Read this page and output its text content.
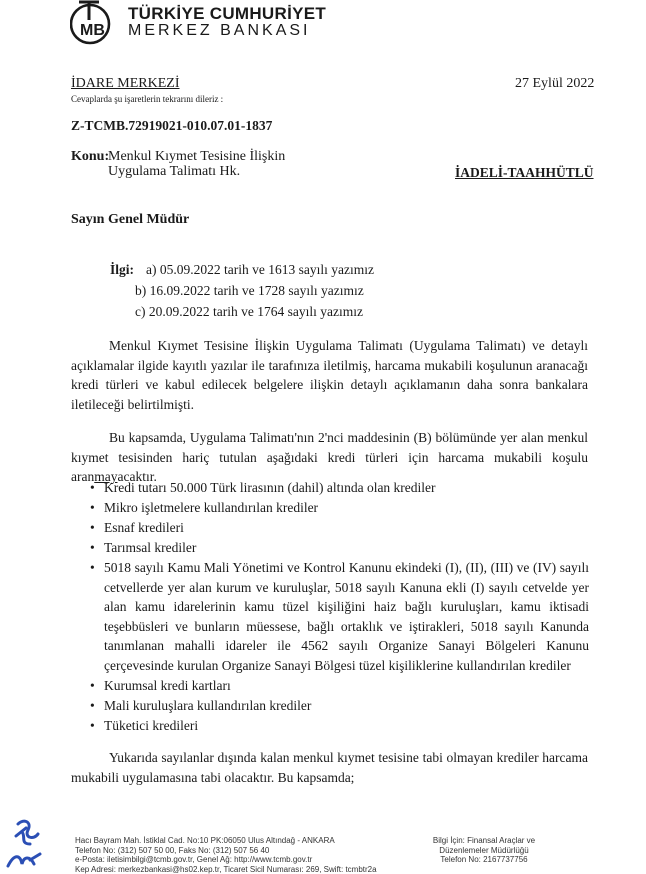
MB
TÜRKİYE CUMHURİYET
MERKEZ BANKASI
İDARE MERKEZİ	27 Eylül 2022
Cevaplarda şu işaretlerin tekrarını dileriz :
Z-TCMB.72919021-010.07.01-1837
Konu:
Menkul Kıymet Tesisine İlişkin
Uygulama Talimatı Hk.	İADELİ-TAAHHÜTLÜ
Sayın Genel Müdür
İlgi: a) 05.09.2022 tarih ve 1613 sayılı yazımız
b) 16.09.2022 tarih ve 1728 sayılı yazımız
c) 20.09.2022 tarih ve 1764 sayılı yazımız
Menkul Kıymet Tesisine İlişkin Uygulama Talimatı (Uygulama Talimatı) ve detaylı açıklamalar ilgide kayıtlı yazılar ile tarafınıza iletilmiş, harcama mukabili koşulunun aranacağı kredi türleri ve kabul edilecek belgelere ilişkin detaylı açıklamanın daha sonra bankalara iletileceği belirtilmişti.
Bu kapsamda, Uygulama Talimatı'nın 2'nci maddesinin (B) bölümünde yer alan menkul kıymet tesisinden hariç tutulan aşağıdaki kredi türleri için harcama mukabili koşulu aranmayacaktır.
• Kredi tutarı 50.000 Türk lirasının (dahil) altında olan krediler
• Mikro işletmelere kullandırılan krediler
• Esnaf kredileri
• Tarımsal krediler
• 5018 sayılı Kamu Mali Yönetimi ve Kontrol Kanunu ekindeki (I), (II), (III) ve (IV) sayılı cetvellerde yer alan kurum ve kuruluşlar, 5018 sayılı Kanuna ekli (I) sayılı cetvelde yer alan kamu idarelerinin kamu tüzel kişiliğini haiz bağlı kuruluşları, kamu iktisadi teşebbüsleri ve bunların müessese, bağlı ortaklık ve iştirakleri, 5018 sayılı Kanunda tanımlanan mahalli idareler ile 4562 sayılı Organize Sanayi Bölgeleri Kanunu çerçevesinde kurulan Organize Sanayi Bölgesi tüzel kişiliklerine kullandırılan krediler
• Kurumsal kredi kartları
• Mali kuruluşlara kullandırılan krediler
• Tüketici kredileri
Yukarıda sayılanlar dışında kalan menkul kıymet tesisine tabi olmayan krediler harcama mukabili uygulamasına tabi olacaktır. Bu kapsamda;
Hacı Bayram Mah. İstiklal Cad. No:10 PK:06050 Ulus Altındağ - ANKARA
Telefon No: (312) 507 50 00, Faks No: (312) 507 56 40
e-Posta: iletisimbilgi@tcmb.gov.tr, Genel Ağ: http://www.tcmb.gov.tr
Kep Adresi: merkezbankasi@hs02.kep.tr, Ticaret Sicil Numarası: 269, Swift: tcmbtr2a
Bilgi İçin: Finansal Araçlar ve
Düzenlemeler Müdürlüğü
Telefon No: 2167737756
